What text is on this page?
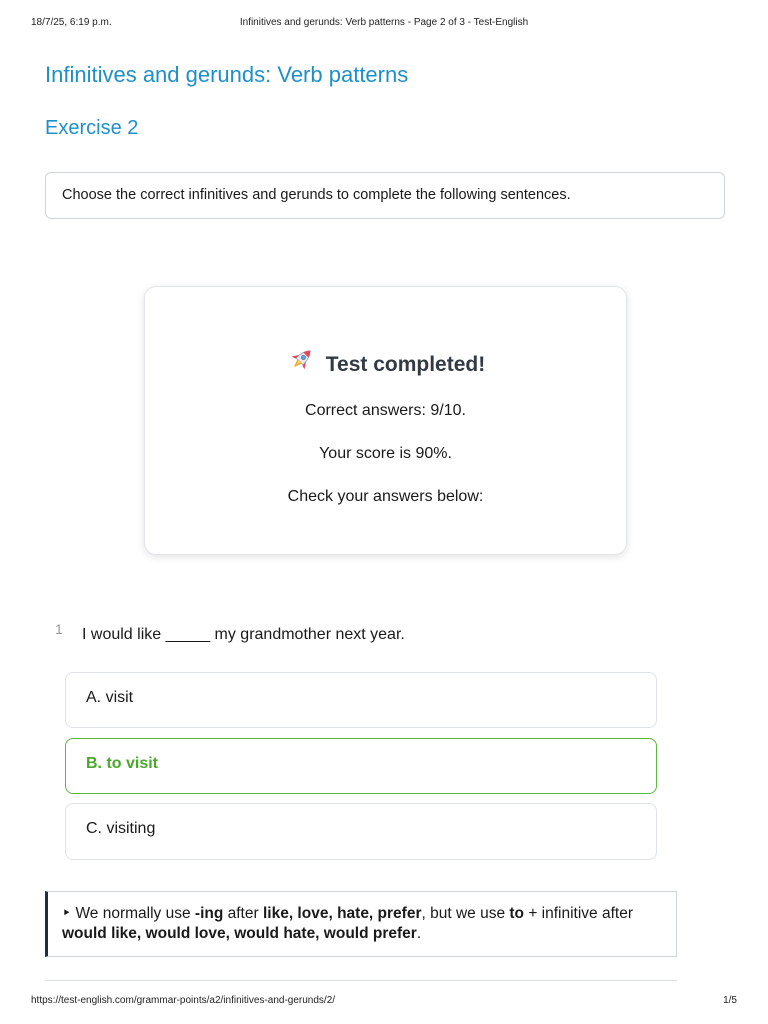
18/7/25, 6:19 p.m.	Infinitives and gerunds: Verb patterns - Page 2 of 3 - Test-English
Infinitives and gerunds: Verb patterns
Exercise 2
Choose the correct infinitives and gerunds to complete the following sentences.
Test completed!
Correct answers: 9/10.
Your score is 90%.
Check your answers below:
1 I would like _____ my grandmother next year.
A. visit
B. to visit
C. visiting
‣ We normally use -ing after like, love, hate, prefer, but we use to + infinitive after would like, would love, would hate, would prefer.
https://test-english.com/grammar-points/a2/infinitives-and-gerunds/2/	1/5
